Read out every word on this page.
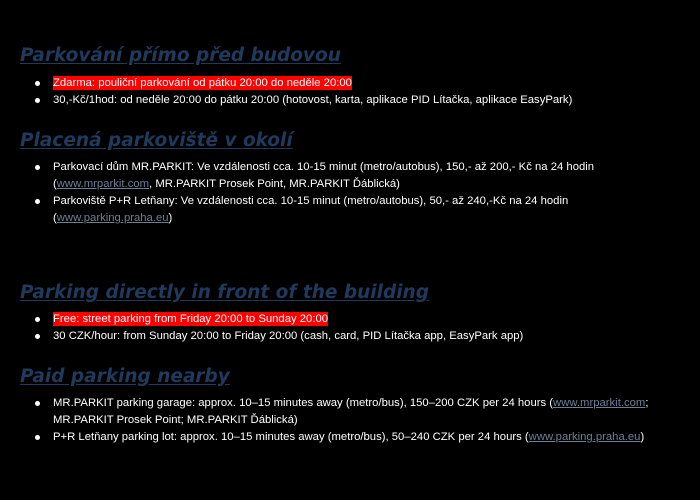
Parkování přímo před budovou
Zdarma: pouliční parkování od pátku 20:00 do neděle 20:00
30,-Kč/1hod: od neděle 20:00 do pátku 20:00 (hotovost, karta, aplikace PID Lítačka, aplikace EasyPark)
Placená parkoviště v okolí
Parkovací dům MR.PARKIT: Ve vzdálenosti cca. 10-15 minut (metro/autobus), 150,- až 200,- Kč na 24 hodin
(www.mrparkit.com, MR.PARKIT Prosek Point, MR.PARKIT Ďáblická)
Parkoviště P+R Letňany: Ve vzdálenosti cca. 10-15 minut (metro/autobus), 50,- až 240,-Kč na 24 hodin
(www.parking.praha.eu)
Parking directly in front of the building
Free: street parking from Friday 20:00 to Sunday 20:00
30 CZK/hour: from Sunday 20:00 to Friday 20:00 (cash, card, PID Lítačka app, EasyPark app)
Paid parking nearby
MR.PARKIT parking garage: approx. 10–15 minutes away (metro/bus), 150–200 CZK per 24 hours (www.mrparkit.com;
MR.PARKIT Prosek Point; MR.PARKIT Ďáblická)
P+R Letňany parking lot: approx. 10–15 minutes away (metro/bus), 50–240 CZK per 24 hours (www.parking.praha.eu)
